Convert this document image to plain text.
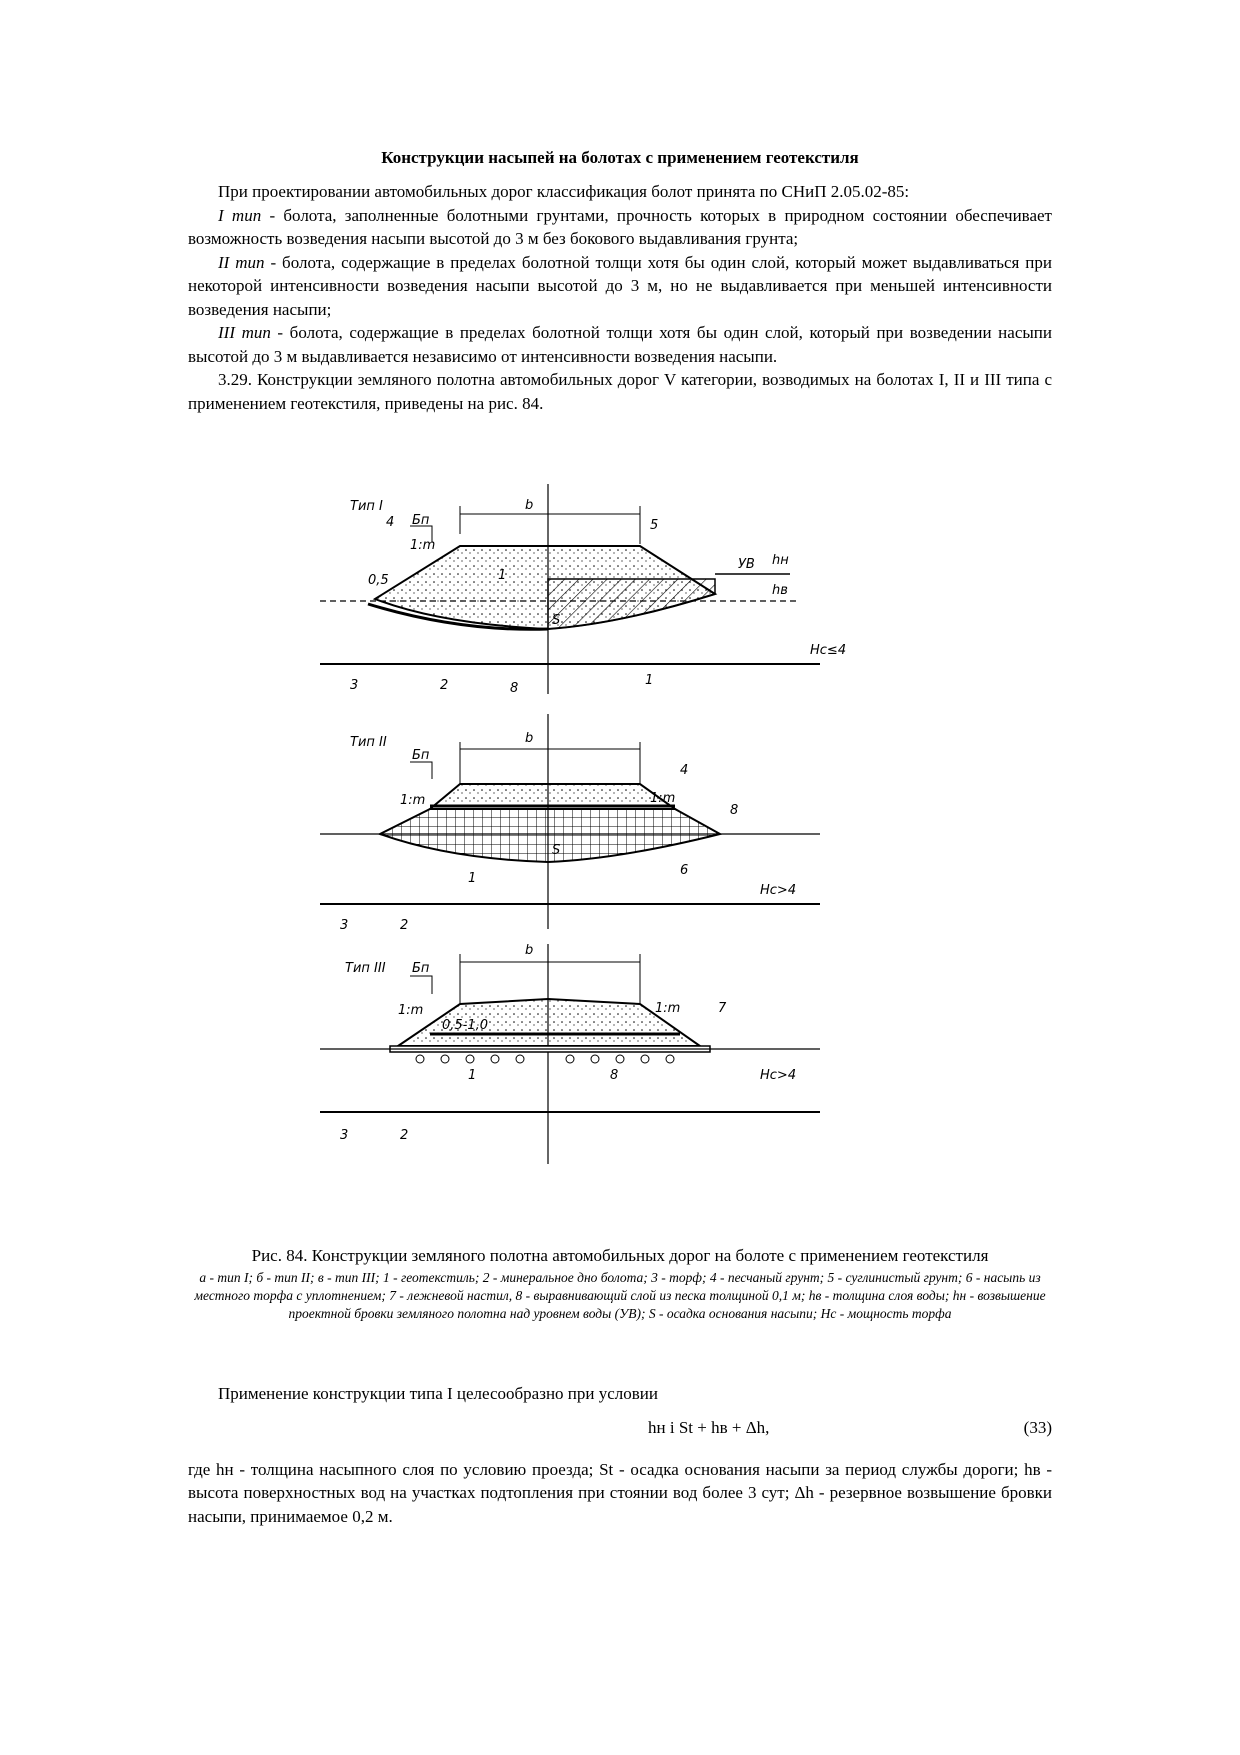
Конструкции насыпей на болотах с применением геотекстиля

При проектировании автомобильных дорог классификация болот принята по СНиП 2.05.02-85:

I тип - болота, заполненные болотными грунтами, прочность которых в природном состоянии обеспечивает возможность возведения насыпи высотой до 3 м без бокового выдавливания грунта;

II тип - болота, содержащие в пределах болотной толщи хотя бы один слой, который может выдавливаться при некоторой интенсивности возведения насыпи высотой до 3 м, но не выдавливается при меньшей интенсивности возведения насыпи;

III тип - болота, содержащие в пределах болотной толщи хотя бы один слой, который при возведении насыпи высотой до 3 м выдавливается независимо от интенсивности возведения насыпи.

3.29. Конструкции земляного полотна автомобильных дорог V категории, возводимых на болотах I, II и III типа с применением геотекстиля, приведены на рис. 84.

Тип I	b
Бп
УВ hн
hв
4	5
1:m
0,5	1
1
S
Hс≤4
3	2	8
Тип II	b
Бп
1:m	1:m
4
8
6
1
S
Hс>4
3	2
Тип III
b
Бп
1:m	1:m	7
1	8
0,5-1,0
Hс>4
3	2
Рис. 84. Конструкции земляного полотна автомобильных дорог на болоте с применением геотекстиля
а - тип I; б - тип II; в - тип III; 1 - геотекстиль; 2 - минеральное дно болота; 3 - торф; 4 - песчаный грунт; 5 - суглинистый грунт; 6 - насыпь из местного торфа с уплотнением; 7 - лежневой настил, 8 - выравнивающий слой из песка толщиной 0,1 м; hв - толщина слоя воды; hн - возвышение проектной бровки земляного полотна над уровнем воды (УВ); S - осадка основания насыпи; Hс - мощность торфа

Применение конструкции типа I целесообразно при условии

hн і St + hв + Δh,	(33)

где hн - толщина насыпного слоя по условию проезда; St - осадка основания насыпи за период службы дороги; hв - высота поверхностных вод на участках подтопления при стоянии вод более 3 сут; Δh - резервное возвышение бровки насыпи, принимаемое 0,2 м.
